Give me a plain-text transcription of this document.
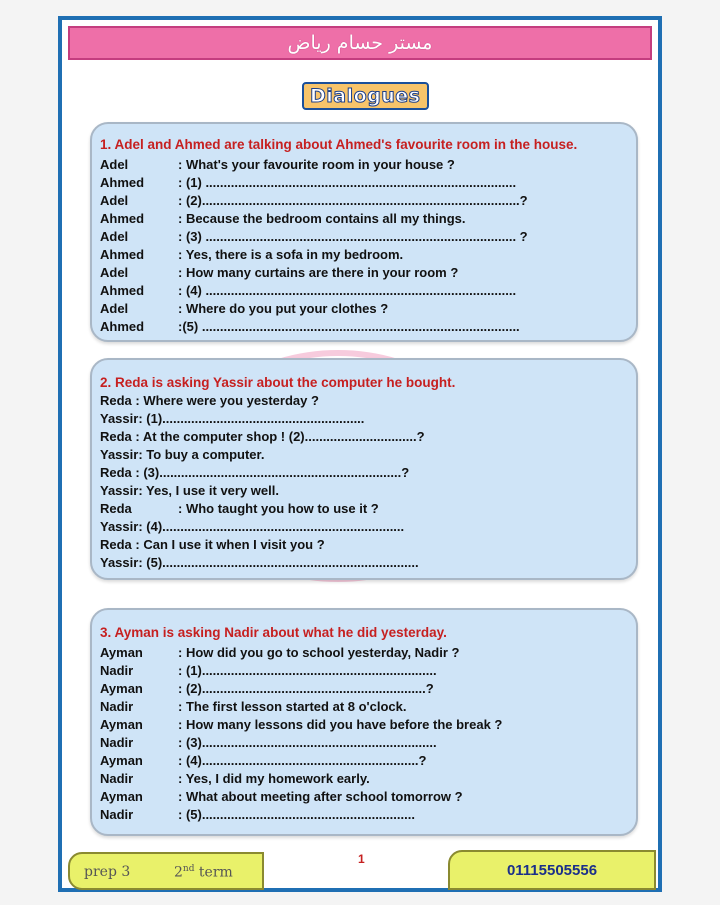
مستر حسام رياض
Dialogues
1. Adel and Ahmed are talking about Ahmed's favourite room in the house.
Adel	: What's your favourite room in your house ?
Ahmed	: (1) ......................................................................................
Adel	: (2)........................................................................................?
Ahmed	: Because the bedroom contains all my things.
Adel	: (3) ...................................................................................... ?
Ahmed	: Yes, there is a sofa in my bedroom.
Adel	: How many curtains are there in your room ?
Ahmed	: (4) ......................................................................................
Adel	: Where do you put your clothes ?
Ahmed	:(5) ........................................................................................
2. Reda is asking Yassir about the computer he bought.
Reda : Where were you yesterday ?
Yassir: (1)........................................................
Reda : At the computer shop ! (2)...............................?
Yassir: To buy a computer.
Reda : (3)...................................................................?
Yassir: Yes, I use it very well.
Reda	: Who taught you how to use it ?
Yassir: (4)...................................................................
Reda : Can I use it when I visit you ?
Yassir: (5).......................................................................
3. Ayman is asking Nadir about what he did yesterday.
Ayman	: How did you go to school yesterday, Nadir ?
Nadir	: (1).................................................................
Ayman	: (2)..............................................................?
Nadir	: The first lesson started at 8 o'clock.
Ayman	: How many lessons did you have before the break ?
Nadir	: (3).................................................................
Ayman	: (4)............................................................?
Nadir	: Yes, I did my homework early.
Ayman	: What about meeting after school tomorrow ?
Nadir	: (5)...........................................................
prep 3	2nd term
1
01115505556
